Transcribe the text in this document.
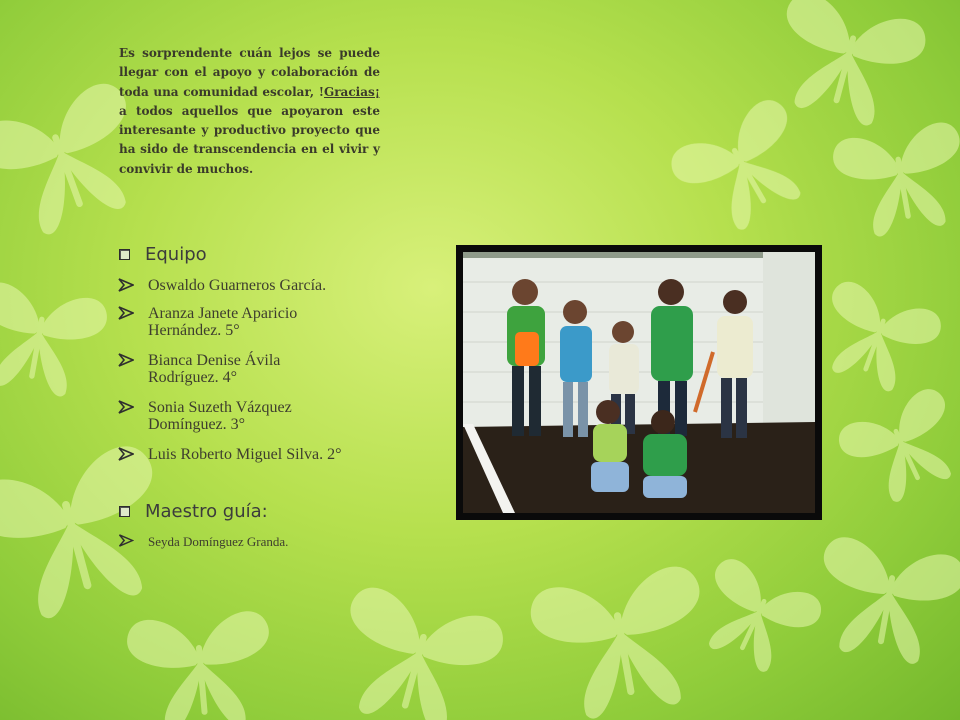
Es sorprendente cuán lejos se puede llegar con el apoyo y colaboración de toda una comunidad escolar, !Gracias¡ a todos aquellos que apoyaron este interesante y productivo proyecto que ha sido de transcendencia en el vivir y convivir de muchos.
Equipo
Oswaldo Guarneros García.
Aranza Janete Aparicio Hernández. 5°
Bianca Denise Ávila Rodríguez. 4°
Sonia Suzeth Vázquez Domínguez. 3°
Luis Roberto Miguel Silva. 2°
Maestro guía:
Seyda Domínguez Granda.
